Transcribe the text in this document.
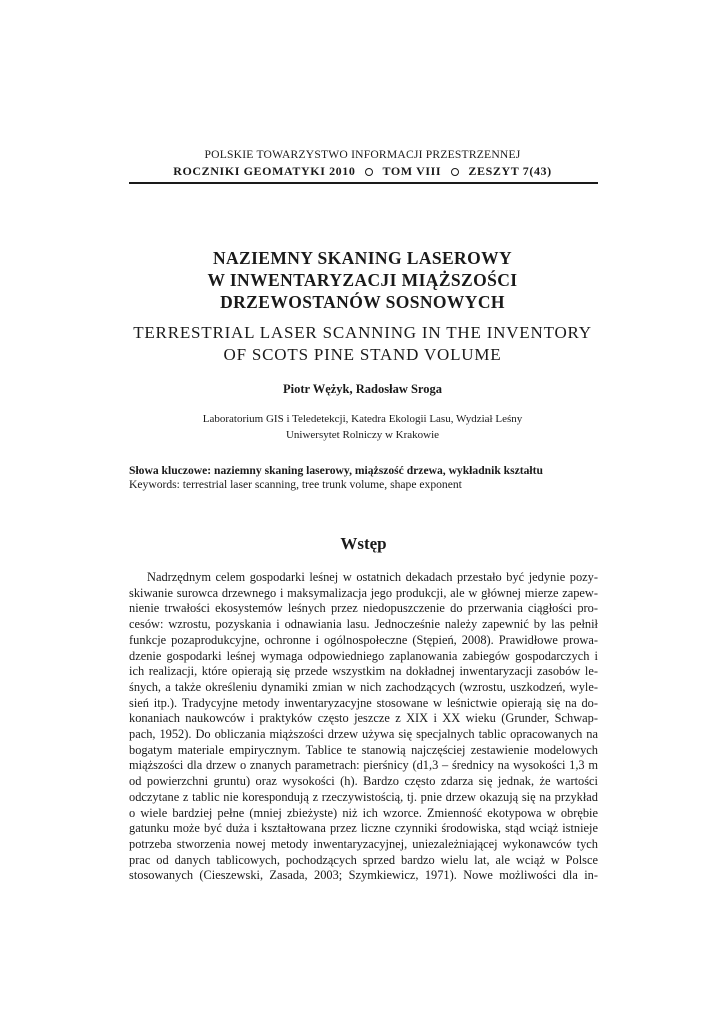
POLSKIE TOWARZYSTWO INFORMACJI PRZESTRZENNEJ
ROCZNIKI GEOMATYKI 2010 TOM VIII ZESZYT 7(43)
NAZIEMNY SKANING LASEROWY
W INWENTARYZACJI MIĄŻSZOŚCI
DRZEWOSTANÓW SOSNOWYCH
TERRESTRIAL LASER SCANNING IN THE INVENTORY
OF SCOTS PINE STAND VOLUME
Piotr Wężyk, Radosław Sroga
Laboratorium GIS i Teledetekcji, Katedra Ekologii Lasu, Wydział Leśny
Uniwersytet Rolniczy w Krakowie
Słowa kluczowe: naziemny skaning laserowy, miąższość drzewa, wykładnik kształtu
Keywords: terrestrial laser scanning, tree trunk volume, shape exponent
Wstęp
Nadrzędnym celem gospodarki leśnej w ostatnich dekadach przestało być jedynie pozy-
skiwanie surowca drzewnego i maksymalizacja jego produkcji, ale w głównej mierze zapew-
nienie trwałości ekosystemów leśnych przez niedopuszczenie do przerwania ciągłości pro-
cesów: wzrostu, pozyskania i odnawiania lasu. Jednocześnie należy zapewnić by las pełnił
funkcje pozaprodukcyjne, ochronne i ogólnospołeczne (Stępień, 2008). Prawidłowe prowa-
dzenie gospodarki leśnej wymaga odpowiedniego zaplanowania zabiegów gospodarczych i
ich realizacji, które opierają się przede wszystkim na dokładnej inwentaryzacji zasobów le-
śnych, a także określeniu dynamiki zmian w nich zachodzących (wzrostu, uszkodzeń, wyle-
sień itp.). Tradycyjne metody inwentaryzacyjne stosowane w leśnictwie opierają się na do-
konaniach naukowców i praktyków często jeszcze z XIX i XX wieku (Grunder, Schwap-
pach, 1952). Do obliczania miąższości drzew używa się specjalnych tablic opracowanych na
bogatym materiale empirycznym. Tablice te stanowią najczęściej zestawienie modelowych
miąższości dla drzew o znanych parametrach: pierśnicy (d1,3 – średnicy na wysokości 1,3 m
od powierzchni gruntu) oraz wysokości (h). Bardzo często zdarza się jednak, że wartości
odczytane z tablic nie korespondują z rzeczywistością, tj. pnie drzew okazują się na przykład
o wiele bardziej pełne (mniej zbieżyste) niż ich wzorce. Zmienność ekotypowa w obrębie
gatunku może być duża i kształtowana przez liczne czynniki środowiska, stąd wciąż istnieje
potrzeba stworzenia nowej metody inwentaryzacyjnej, uniezależniającej wykonawców tych
prac od danych tablicowych, pochodzących sprzed bardzo wielu lat, ale wciąż w Polsce
stosowanych (Cieszewski, Zasada, 2003; Szymkiewicz, 1971). Nowe możliwości dla in-
